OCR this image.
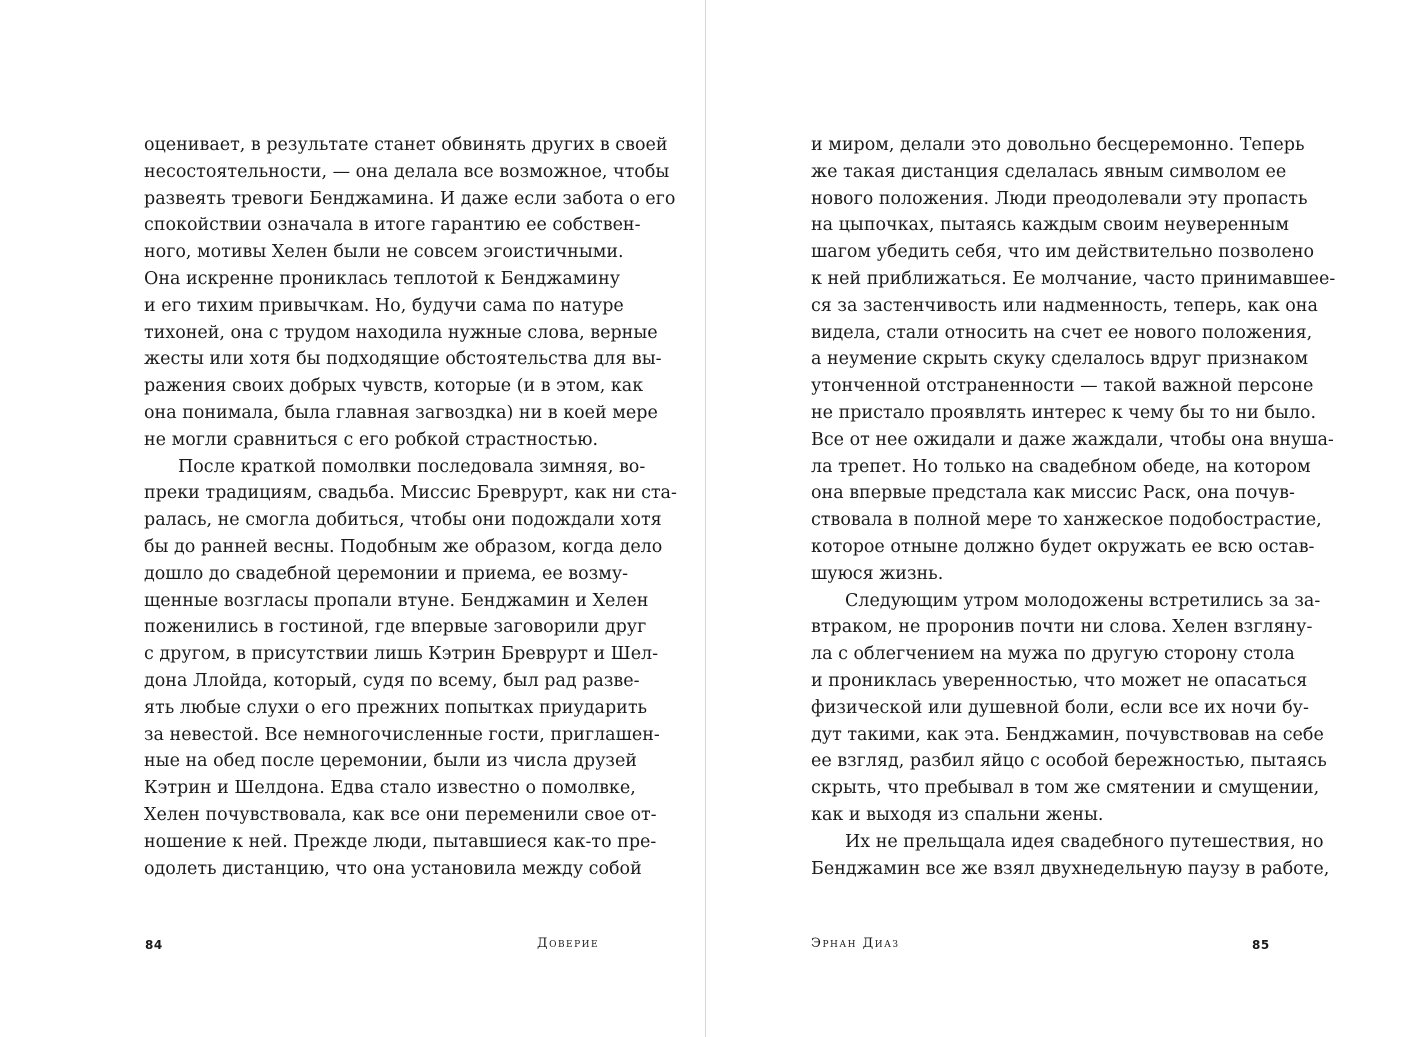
оценивает, в результате станет обвинять других в своей
несостоятельности, — она делала все возможное, чтобы
развеять тревоги Бенджамина. И даже если забота о его
спокойствии означала в итоге гарантию ее собствен-
ного, мотивы Хелен были не совсем эгоистичными.
Она искренне прониклась теплотой к Бенджамину
и его тихим привычкам. Но, будучи сама по натуре
тихоней, она с трудом находила нужные слова, верные
жесты или хотя бы подходящие обстоятельства для вы-
ражения своих добрых чувств, которые (и в этом, как
она понимала, была главная загвоздка) ни в коей мере
не могли сравниться с его робкой страстностью.
После краткой помолвки последовала зимняя, во-
преки традициям, свадьба. Миссис Бреврурт, как ни ста-
ралась, не смогла добиться, чтобы они подождали хотя
бы до ранней весны. Подобным же образом, когда дело
дошло до свадебной церемонии и приема, ее возму-
щенные возгласы пропали втуне. Бенджамин и Хелен
поженились в гостиной, где впервые заговорили друг
с другом, в присутствии лишь Кэтрин Бреврурт и Шел-
дона Ллойда, который, судя по всему, был рад разве-
ять любые слухи о его прежних попытках приударить
за невестой. Все немногочисленные гости, приглашен-
ные на обед после церемонии, были из числа друзей
Кэтрин и Шелдона. Едва стало известно о помолвке,
Хелен почувствовала, как все они переменили свое от-
ношение к ней. Прежде люди, пытавшиеся как-то пре-
одолеть дистанцию, что она установила между собой
и миром, делали это довольно бесцеремонно. Теперь
же такая дистанция сделалась явным символом ее
нового положения. Люди преодолевали эту пропасть
на цыпочках, пытаясь каждым своим неуверенным
шагом убедить себя, что им действительно позволено
к ней приближаться. Ее молчание, часто принимавшее-
ся за застенчивость или надменность, теперь, как она
видела, стали относить на счет ее нового положения,
а неумение скрыть скуку сделалось вдруг признаком
утонченной отстраненности — такой важной персоне
не пристало проявлять интерес к чему бы то ни было.
Все от нее ожидали и даже жаждали, чтобы она внуша-
ла трепет. Но только на свадебном обеде, на котором
она впервые предстала как миссис Раск, она почув-
ствовала в полной мере то ханжеское подобострастие,
которое отныне должно будет окружать ее всю остав-
шуюся жизнь.
Следующим утром молодожены встретились за за-
втраком, не проронив почти ни слова. Хелен взгляну-
ла с облегчением на мужа по другую сторону стола
и прониклась уверенностью, что может не опасаться
физической или душевной боли, если все их ночи бу-
дут такими, как эта. Бенджамин, почувствовав на себе
ее взгляд, разбил яйцо с особой бережностью, пытаясь
скрыть, что пребывал в том же смятении и смущении,
как и выходя из спальни жены.
Их не прельщала идея свадебного путешествия, но
Бенджамин все же взял двухнедельную паузу в работе,
84	Доверие	Эрнан Диаз	85
